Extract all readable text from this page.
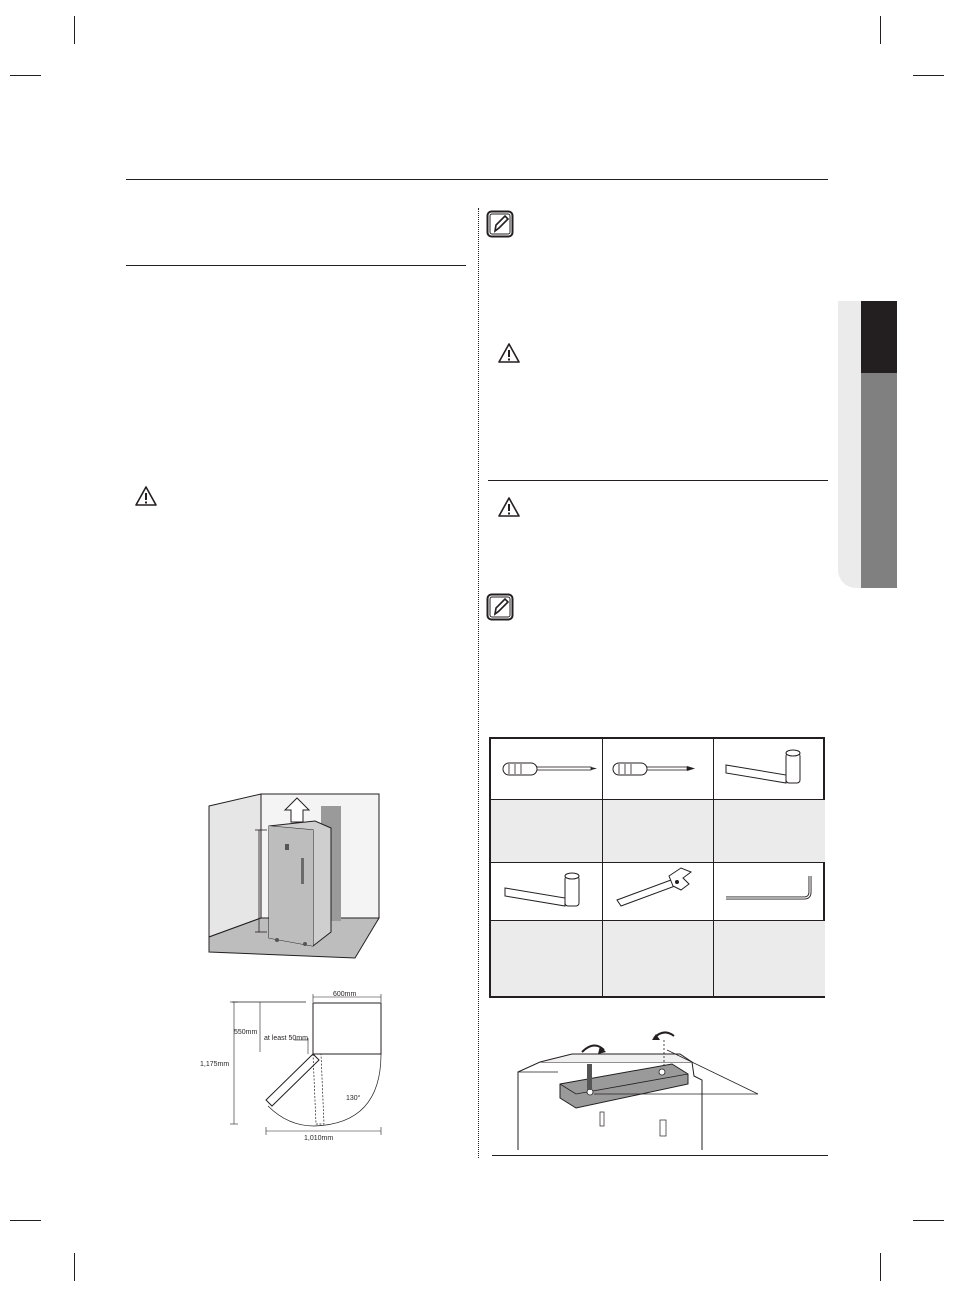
600mm
550mm
at least 50mm
1,175mm
1,010mm
130°
